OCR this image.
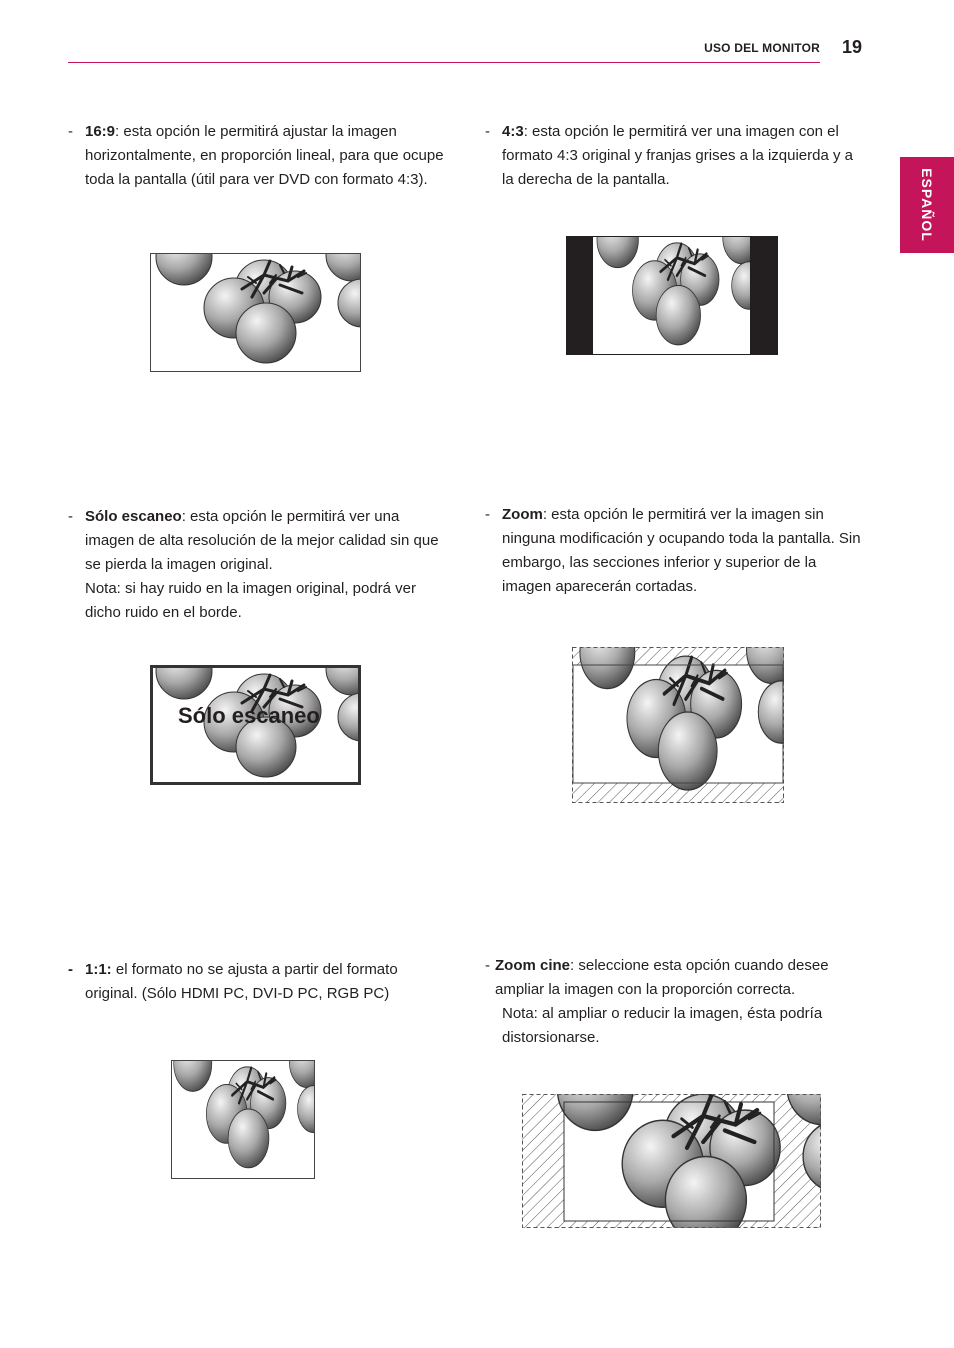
USO DEL MONITOR	19
ESPAÑOL
- 16:9: esta opción le permitirá ajustar la imagen horizontalmente, en proporción lineal, para que ocupe toda la pantalla (útil para ver DVD con formato 4:3).
- 4:3: esta opción le permitirá ver una imagen con el formato 4:3 original y franjas grises a la izquierda y a la derecha de la pantalla.
- Sólo escaneo: esta opción le permitirá ver una imagen de alta resolución de la mejor calidad sin que se pierda la imagen original.
Nota: si hay ruido en la imagen original, podrá ver dicho ruido en el borde.
Sólo escaneo
- Zoom: esta opción le permitirá ver la imagen sin ninguna modificación y ocupando toda la pantalla. Sin embargo, las secciones inferior y superior de la imagen aparecerán cortadas.
- 1:1: el formato no se ajusta a partir del formato original. (Sólo HDMI PC, DVI-D PC, RGB PC)
- Zoom cine: seleccione esta opción cuando desee ampliar la imagen con la proporción correcta.
Nota: al ampliar o reducir la imagen, ésta podría distorsionarse.
